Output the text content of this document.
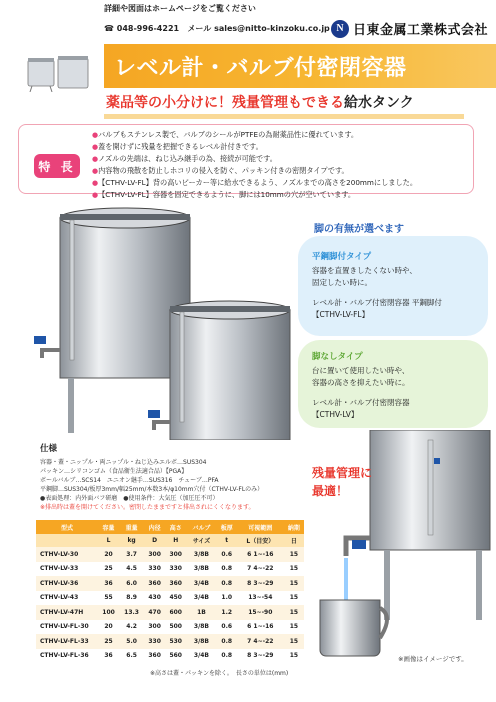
詳細や図面はホームページをご覧ください
☎ 048-996-4221 メール sales@nitto-kinzoku.co.jp N 日東金属工業株式会社
レベル計・バルブ付密閉容器
薬品等の小分けに！残量管理もできる給水タンク
特 長
●バルブもステンレス製で、バルブのシールがPTFEの為耐薬品性に優れています。
●蓋を開けずに残量を把握できるレベル計付きです。
●ノズルの先端は、ねじ込み継手の為、接続が可能です。
●内容物の飛散を防止しホコリの侵入を防ぐ、パッキン付きの密閉タイプです。
●【CTHV-LV-FL】背の高いビーカー等に給水できるよう、ノズルまでの高さを200mmにしました。
●【CTHV-LV-FL】容器を固定できるように、脚には10mmの穴が空いています。
脚の有無が選べます
平鋼脚付タイプ
容器を直置きしたくない時や、
固定したい時に。
レベル計・バルブ付密閉容器 平鋼脚付
【CTHV-LV-FL】
脚なしタイプ
台に置いて使用したい時や、
容器の高さを抑えたい時に。
レベル計・バルブ付密閉容器
【CTHV-LV】
仕様
容器・蓋・ニップル・両ニップル・ねじ込みエルボ…SUS304
パッキン…シリコンゴム（食品衛生法適合品）【PGA】
ボールバルブ…SCS14　ユニオン継手…SUS316　チューブ…PFA
平鋼脚…SUS304/板厚3mm/幅25mm/本数3本/φ10mm穴付（CTHV-LV-FLのみ）
●表面処理：内外面バフ研磨　●使用条件：大気圧（加圧圧不可）
※排出時は蓋を開けてください。密閉したままですと排出されにくくなります。
残量管理に
最適！
※画像はイメージです。
型式	容量	重量	内径	高さ	バルブ	板厚	可視範囲	納期
	L	kg	D	H	サイズ	t	L（目安）	日
CTHV-LV-30	20	3.7	300	300	3/8B	0.6	6 1~-16	15
CTHV-LV-33	25	4.5	330	330	3/8B	0.8	7 4~-22	15
CTHV-LV-36	36	6.0	360	360	3/4B	0.8	8 3~-29	15
CTHV-LV-43	55	8.9	430	450	3/4B	1.0	13~-54	15
CTHV-LV-47H	100	13.3	470	600	1B	1.2	15~-90	15
CTHV-LV-FL-30	20	4.2	300	500	3/8B	0.6	6 1~-16	15
CTHV-LV-FL-33	25	5.0	330	530	3/8B	0.8	7 4~-22	15
CTHV-LV-FL-36	36	6.5	360	560	3/4B	0.8	8 3~-29	15
※高さは蓋・パッキンを除く。　長さの単位は(mm)
